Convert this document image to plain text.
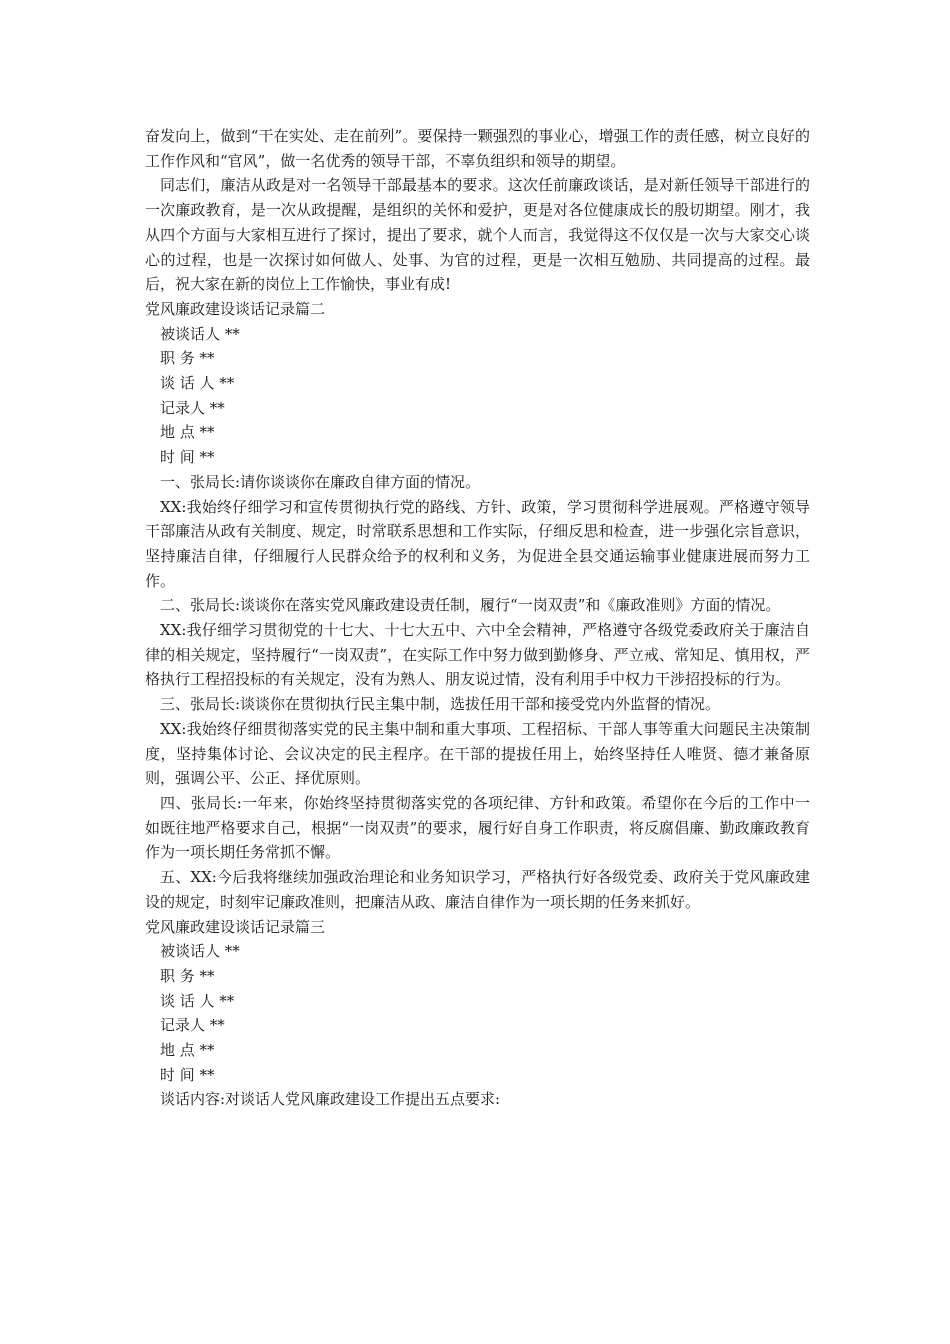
奋发向上，做到“干在实处、走在前列”。要保持一颗强烈的事业心，增强工作的责任感，树立良好的工作作风和“官风”，做一名优秀的领导干部，不辜负组织和领导的期望。

同志们，廉洁从政是对一名领导干部最基本的要求。这次任前廉政谈话，是对新任领导干部进行的一次廉政教育，是一次从政提醒，是组织的关怀和爱护，更是对各位健康成长的殷切期望。刚才，我从四个方面与大家相互进行了探讨，提出了要求，就个人而言，我觉得这不仅仅是一次与大家交心谈心的过程，也是一次探讨如何做人、处事、为官的过程，更是一次相互勉励、共同提高的过程。最后，祝大家在新的岗位上工作愉快，事业有成!

党风廉政建设谈话记录篇二

被谈话人 **

职 务 **

谈 话 人 **

记录人 **

地 点 **

时 间 **

一、张局长:请你谈谈你在廉政自律方面的情况。

XX:我始终仔细学习和宣传贯彻执行党的路线、方针、政策，学习贯彻科学进展观。严格遵守领导干部廉洁从政有关制度、规定，时常联系思想和工作实际，仔细反思和检查，进一步强化宗旨意识，坚持廉洁自律，仔细履行人民群众给予的权利和义务，为促进全县交通运输事业健康进展而努力工作。

二、张局长:谈谈你在落实党风廉政建设责任制，履行“一岗双责”和《廉政准则》方面的情况。

XX:我仔细学习贯彻党的十七大、十七大五中、六中全会精神，严格遵守各级党委政府关于廉洁自律的相关规定，坚持履行“一岗双责”，在实际工作中努力做到勤修身、严立戒、常知足、慎用权，严格执行工程招投标的有关规定，没有为熟人、朋友说过情，没有利用手中权力干涉招投标的行为。

三、张局长:谈谈你在贯彻执行民主集中制，选拔任用干部和接受党内外监督的情况。

XX:我始终仔细贯彻落实党的民主集中制和重大事项、工程招标、干部人事等重大问题民主决策制度，坚持集体讨论、会议决定的民主程序。在干部的提拔任用上，始终坚持任人唯贤、德才兼备原则，强调公平、公正、择优原则。

四、张局长:一年来，你始终坚持贯彻落实党的各项纪律、方针和政策。希望你在今后的工作中一如既往地严格要求自己，根据“一岗双责”的要求，履行好自身工作职责，将反腐倡廉、勤政廉政教育作为一项长期任务常抓不懈。

五、XX:今后我将继续加强政治理论和业务知识学习，严格执行好各级党委、政府关于党风廉政建设的规定，时刻牢记廉政准则，把廉洁从政、廉洁自律作为一项长期的任务来抓好。

党风廉政建设谈话记录篇三

被谈话人 **

职 务 **

谈 话 人 **

记录人 **

地 点 **

时 间 **

谈话内容:对谈话人党风廉政建设工作提出五点要求:
